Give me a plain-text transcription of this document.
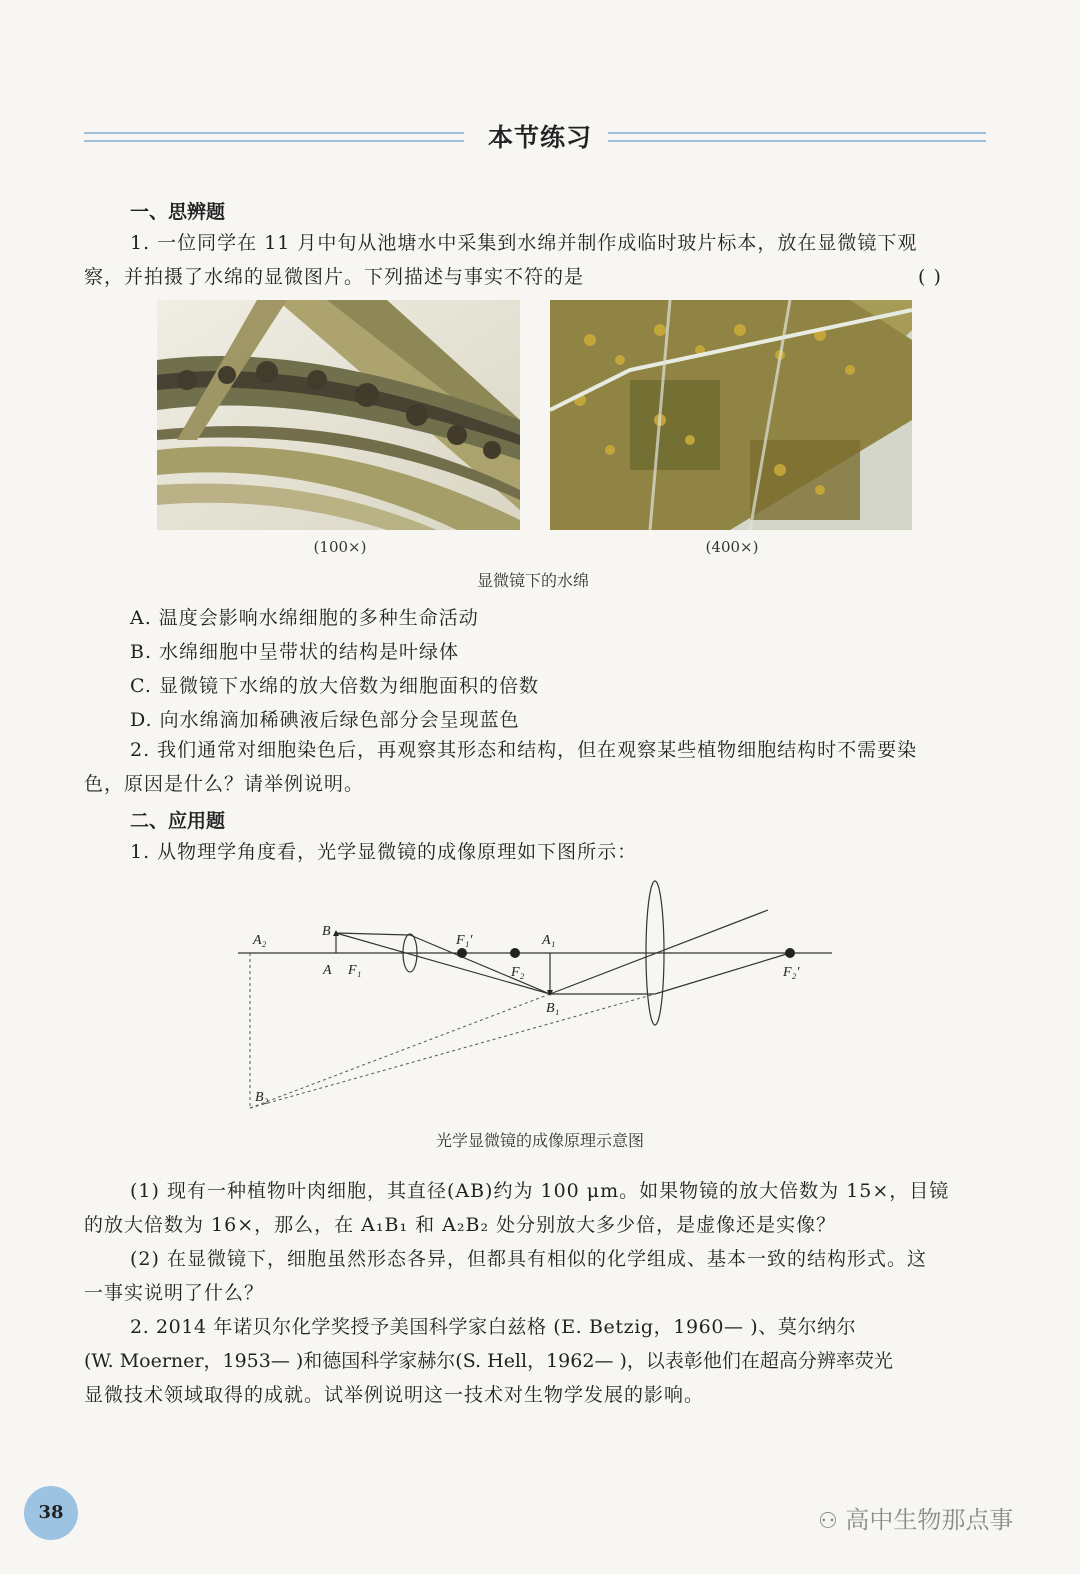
本节练习
一、思辨题
1. 一位同学在 11 月中旬从池塘水中采集到水绵并制作成临时玻片标本，放在显微镜下观
察，并拍摄了水绵的显微图片。下列描述与事实不符的是	( )
(100×)	(400×)
显微镜下的水绵
A. 温度会影响水绵细胞的多种生命活动
B. 水绵细胞中呈带状的结构是叶绿体
C. 显微镜下水绵的放大倍数为细胞面积的倍数
D. 向水绵滴加稀碘液后绿色部分会呈现蓝色
2. 我们通常对细胞染色后，再观察其形态和结构，但在观察某些植物细胞结构时不需要染
色，原因是什么？请举例说明。
二、应用题
1. 从物理学角度看，光学显微镜的成像原理如下图所示：
A₂
B
A F₁
F₁′
F₂
A₁
B₁
F₂′
B₂
光学显微镜的成像原理示意图
(1) 现有一种植物叶肉细胞，其直径(AB)约为 100 μm。如果物镜的放大倍数为 15×，目镜
的放大倍数为 16×，那么，在 A₁B₁ 和 A₂B₂ 处分别放大多少倍，是虚像还是实像？
(2) 在显微镜下，细胞虽然形态各异，但都具有相似的化学组成、基本一致的结构形式。这
一事实说明了什么？
2. 2014 年诺贝尔化学奖授予美国科学家白兹格 (E. Betzig，1960— )、莫尔纳尔
(W. Moerner，1953— )和德国科学家赫尔(S. Hell，1962— )，以表彰他们在超高分辨率荧光
显微技术领域取得的成就。试举例说明这一技术对生物学发展的影响。
38	⚇ 高中生物那点事
